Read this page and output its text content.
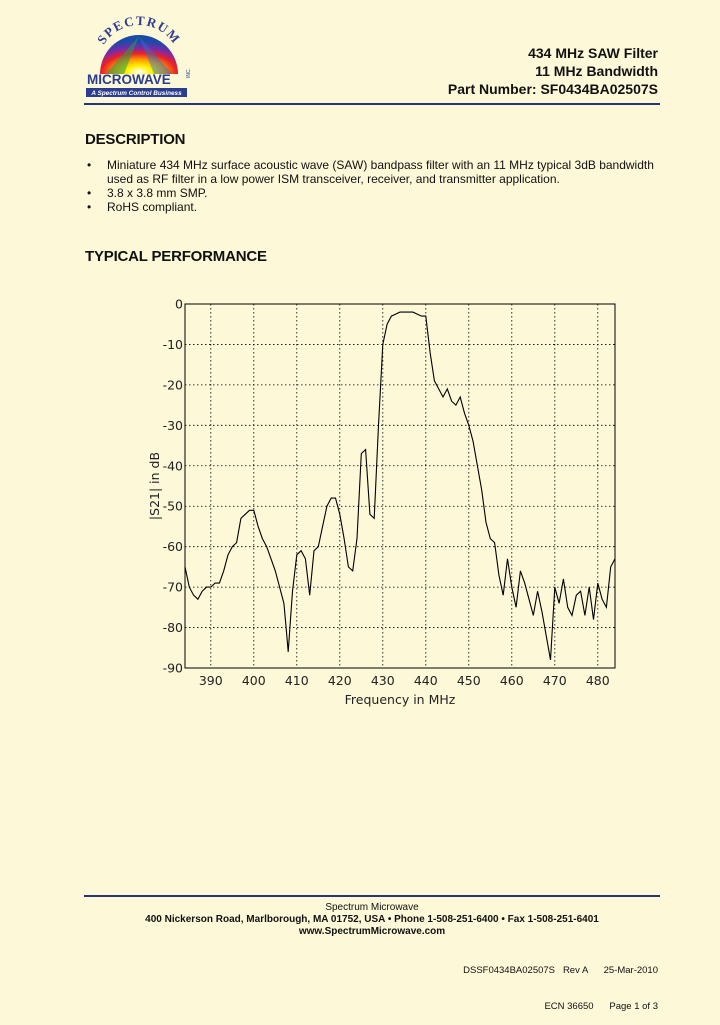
SPECTRUM
MICROWAVE	INC.
A Spectrum Control Business
434 MHz SAW Filter
11 MHz Bandwidth
Part Number: SF0434BA02507S
DESCRIPTION
• Miniature 434 MHz surface acoustic wave (SAW) bandpass filter with an 11 MHz typical 3dB bandwidth used as RF filter in a low power ISM transceiver, receiver, and transmitter application.
• 3.8 x 3.8 mm SMP.
• RoHS compliant.
TYPICAL PERFORMANCE
390 400 410 420 430 440 450 460 470 480
0
-10
-20
-30
-40
-50
-60
-70
-80
-90
Frequency in MHz
|S21| in dB
Spectrum Microwave
400 Nickerson Road, Marlborough, MA 01752, USA • Phone 1-508-251-6400 • Fax 1-508-251-6401
www.SpectrumMicrowave.com

DSSF0434BA02507S   Rev A      25-Mar-2010

ECN 36650      Page 1 of 3
